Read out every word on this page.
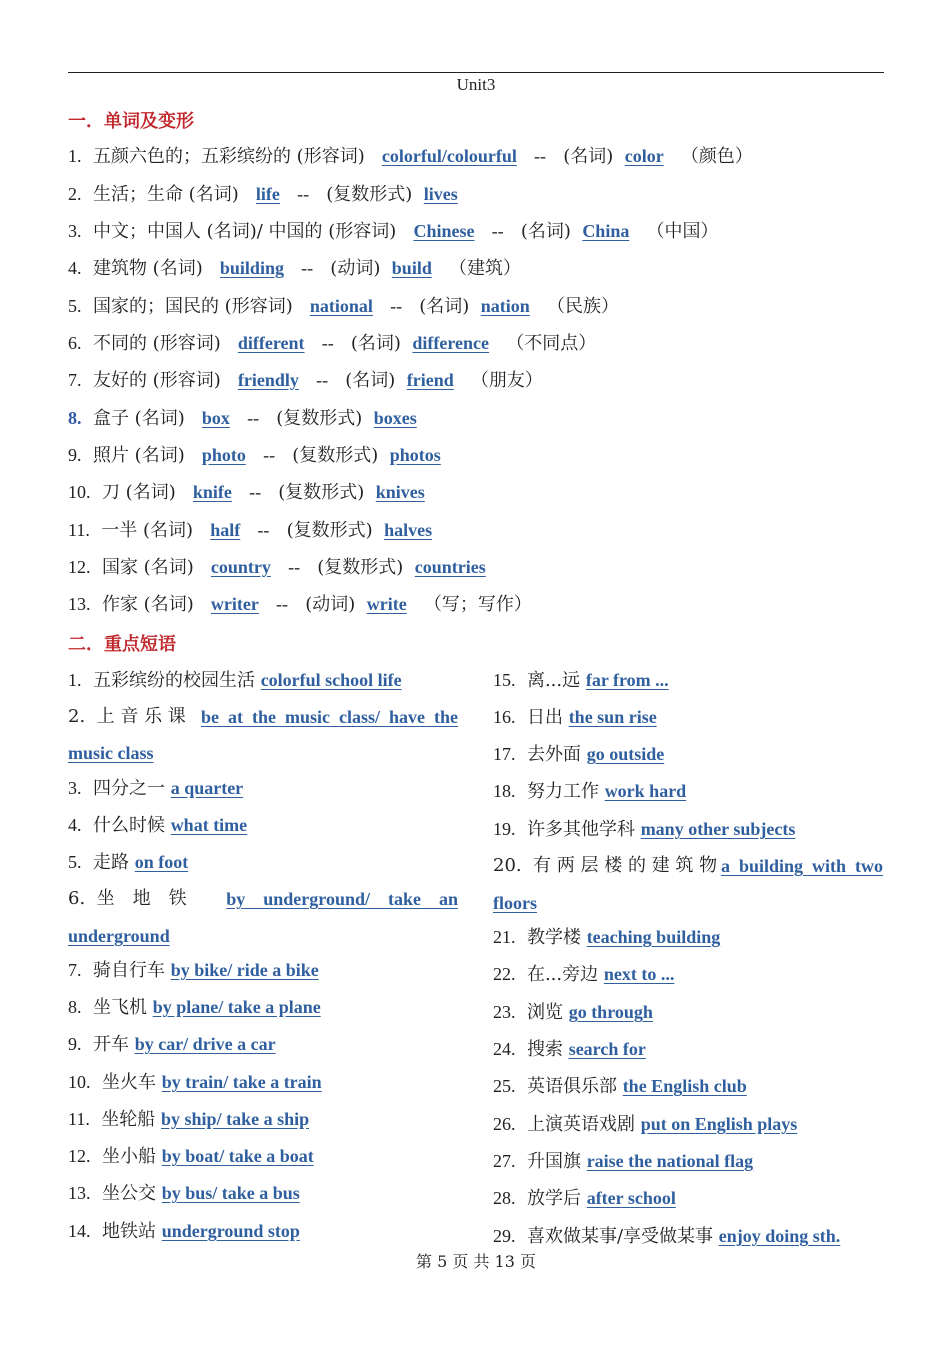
Unit3
一．单词及变形
1. 五颜六色的；五彩缤纷的 (形容词) colorful/colourful -- (名词) color （颜色）
2. 生活；生命 (名词) life -- (复数形式) lives
3. 中文；中国人 (名词)/ 中国的 (形容词) Chinese -- (名词) China （中国）
4. 建筑物 (名词) building -- (动词) build （建筑）
5. 国家的；国民的 (形容词) national -- (名词) nation （民族）
6. 不同的 (形容词) different -- (名词) difference （不同点）
7. 友好的 (形容词) friendly -- (名词) friend （朋友）
8. 盒子 (名词) box -- (复数形式) boxes
9. 照片 (名词) photo -- (复数形式) photos
10. 刀 (名词) knife -- (复数形式) knives
11. 一半 (名词) half -- (复数形式) halves
12. 国家 (名词) country -- (复数形式) countries
13. 作家 (名词) writer -- (动词) write （写；写作）
二．重点短语
1. 五彩缤纷的校园生活 colorful school life
2. 上 音 乐 课 be  at  the  music  class/  have  the
music class
3. 四分之一 a quarter
4. 什么时候 what time
5. 走路 on foot
6. 坐　地　铁 by    underground/    take    an
underground
7. 骑自行车 by bike/ ride a bike
8. 坐飞机 by plane/ take a plane
9. 开车 by car/ drive a car
10. 坐火车 by train/ take a train
11. 坐轮船 by ship/ take a ship
12. 坐小船 by boat/ take a boat
13. 坐公交 by bus/ take a bus
14. 地铁站 underground stop
15. 离...远 far from ...
16. 日出 the sun rise
17. 去外面 go outside
18. 努力工作 work hard
19. 许多其他学科 many other subjects
20. 有 两 层 楼 的 建 筑 物 a  building  with  two
floors
21. 教学楼 teaching building
22. 在...旁边 next to ...
23. 浏览 go through
24. 搜索 search for
25. 英语俱乐部 the English club
26. 上演英语戏剧 put on English plays
27. 升国旗 raise the national flag
28. 放学后 after school
29. 喜欢做某事/享受做某事 enjoy doing sth.
第 5 页 共 13 页
